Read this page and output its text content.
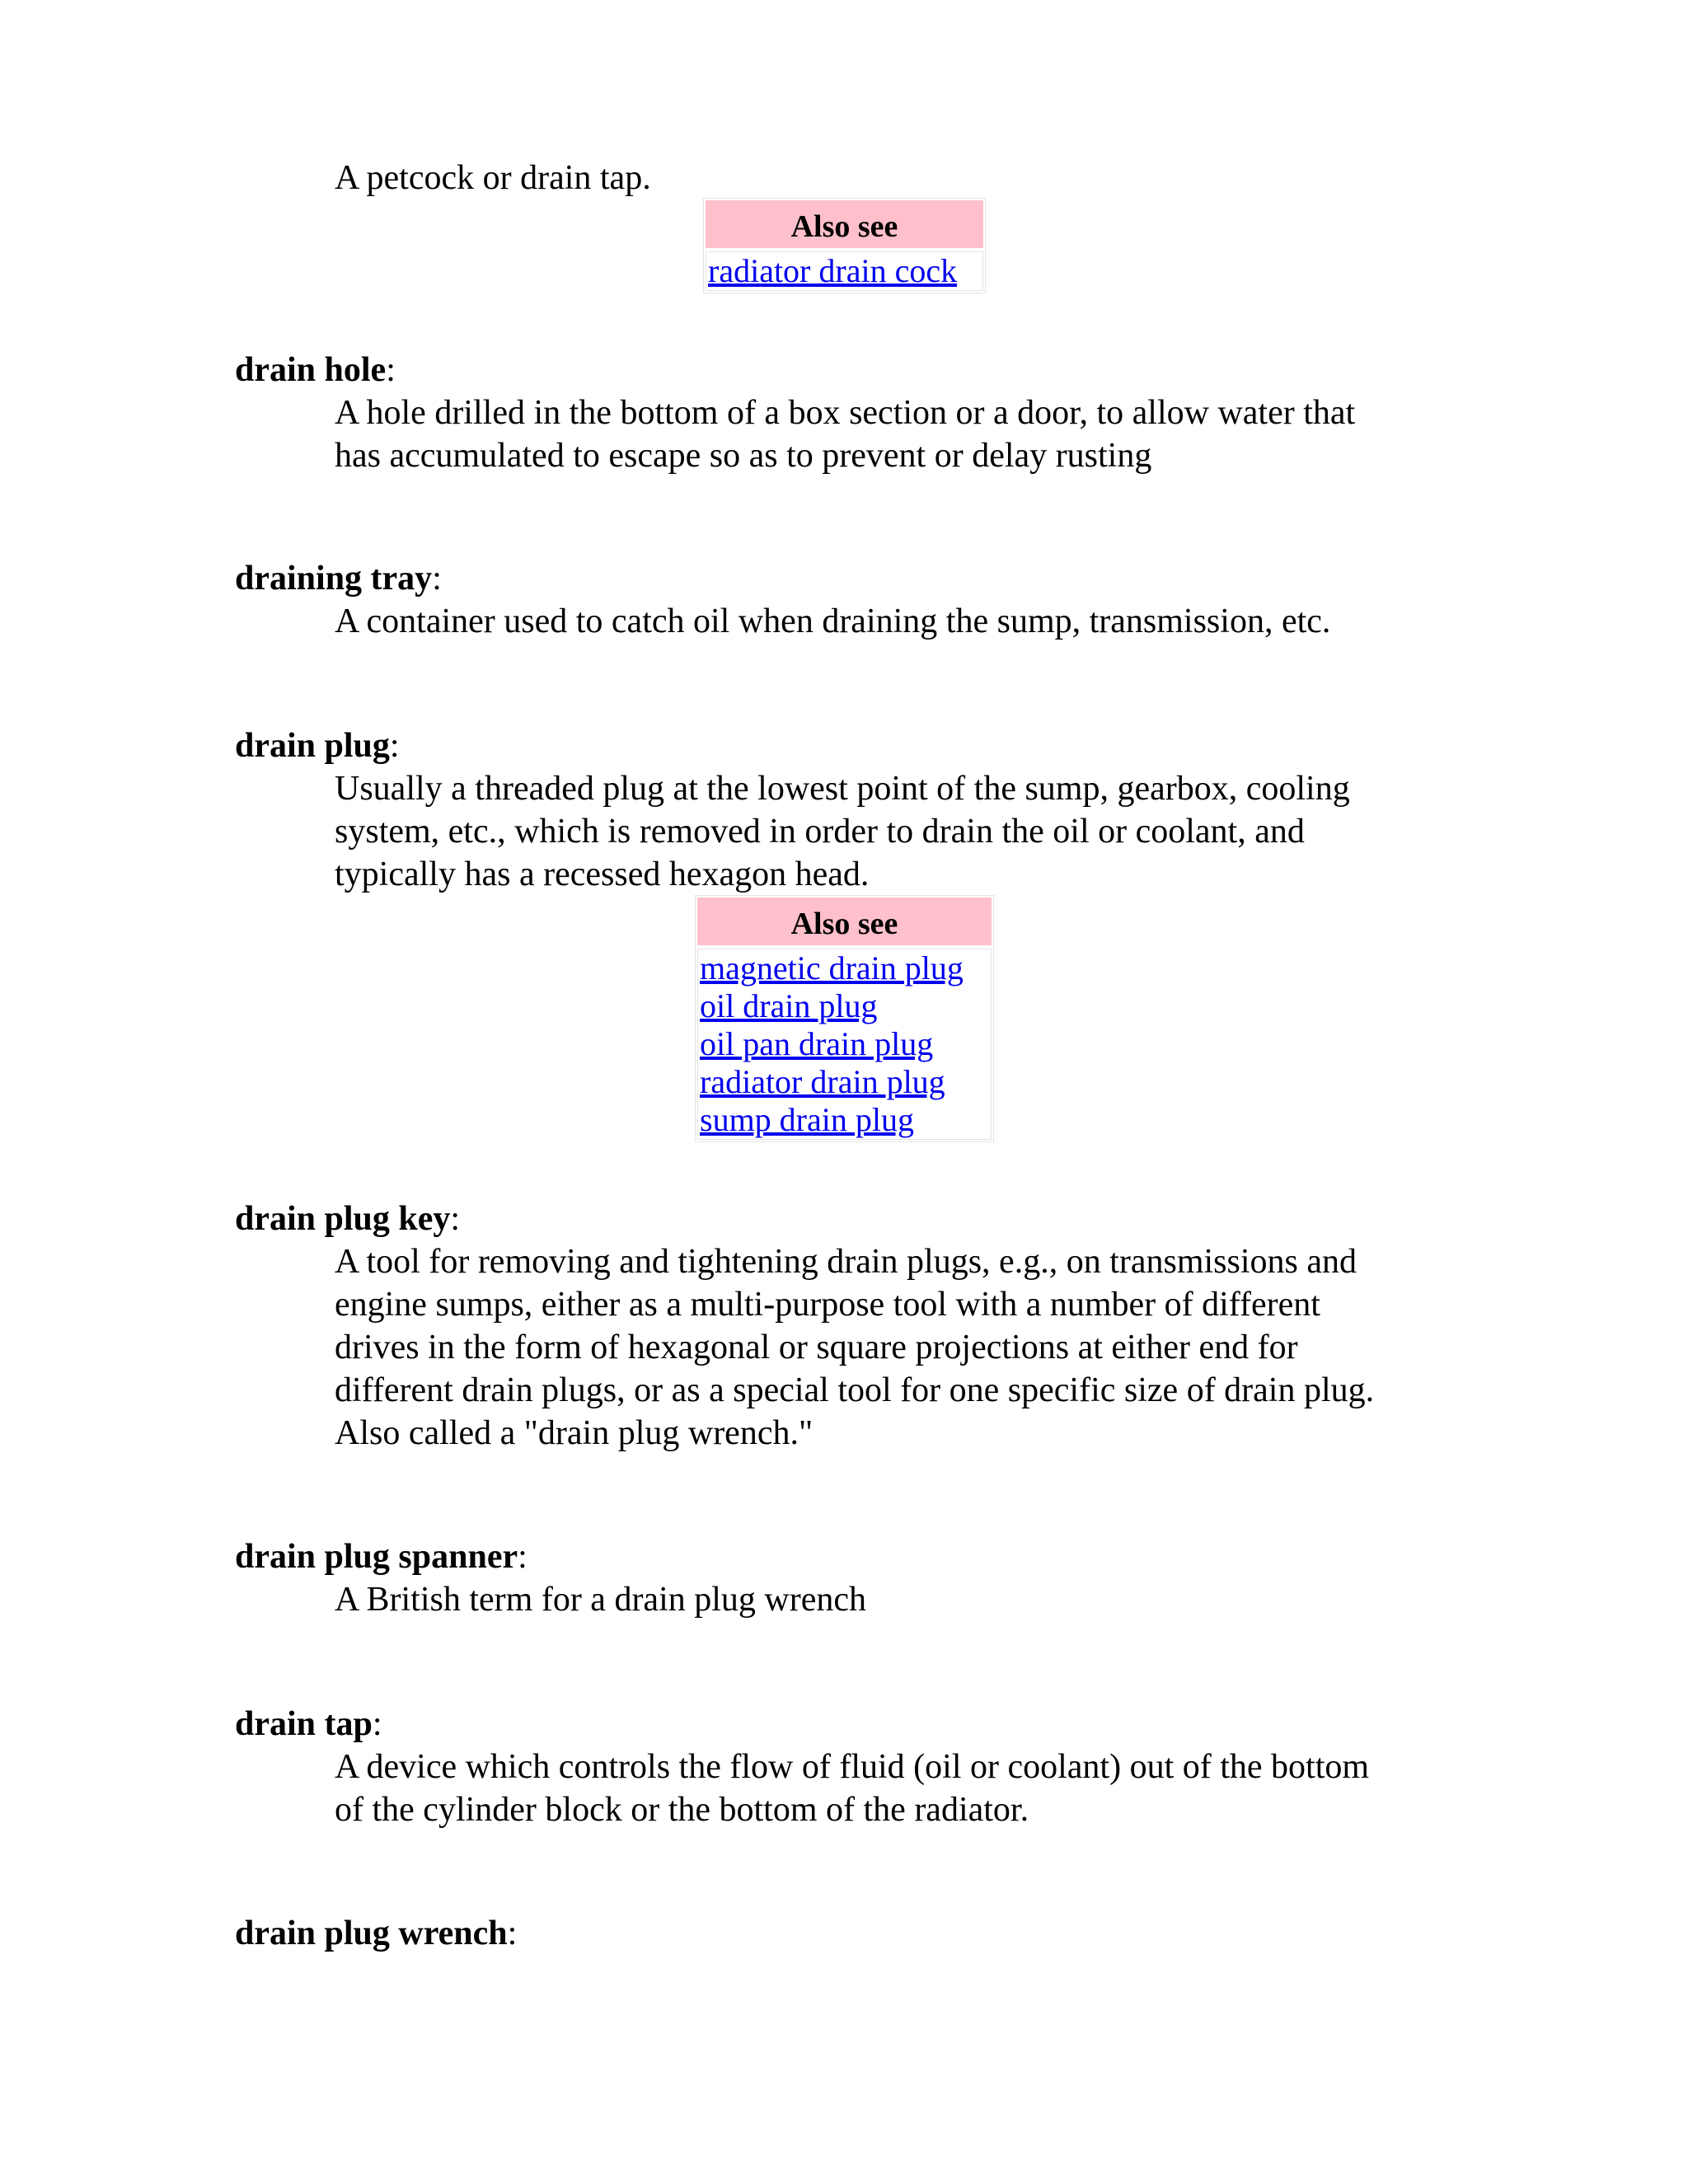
A petcock or drain tap.
Also see
radiator drain cock
drain hole:
A hole drilled in the bottom of a box section or a door, to allow water that
has accumulated to escape so as to prevent or delay rusting
draining tray:
A container used to catch oil when draining the sump, transmission, etc.
drain plug:
Usually a threaded plug at the lowest point of the sump, gearbox, cooling
system, etc., which is removed in order to drain the oil or coolant, and
typically has a recessed hexagon head.
Also see
magnetic drain plug
oil drain plug
oil pan drain plug
radiator drain plug
sump drain plug
drain plug key:
A tool for removing and tightening drain plugs, e.g., on transmissions and
engine sumps, either as a multi-purpose tool with a number of different
drives in the form of hexagonal or square projections at either end for
different drain plugs, or as a special tool for one specific size of drain plug.
Also called a "drain plug wrench."
drain plug spanner:
A British term for a drain plug wrench
drain tap:
A device which controls the flow of fluid (oil or coolant) out of the bottom
of the cylinder block or the bottom of the radiator.
drain plug wrench:
